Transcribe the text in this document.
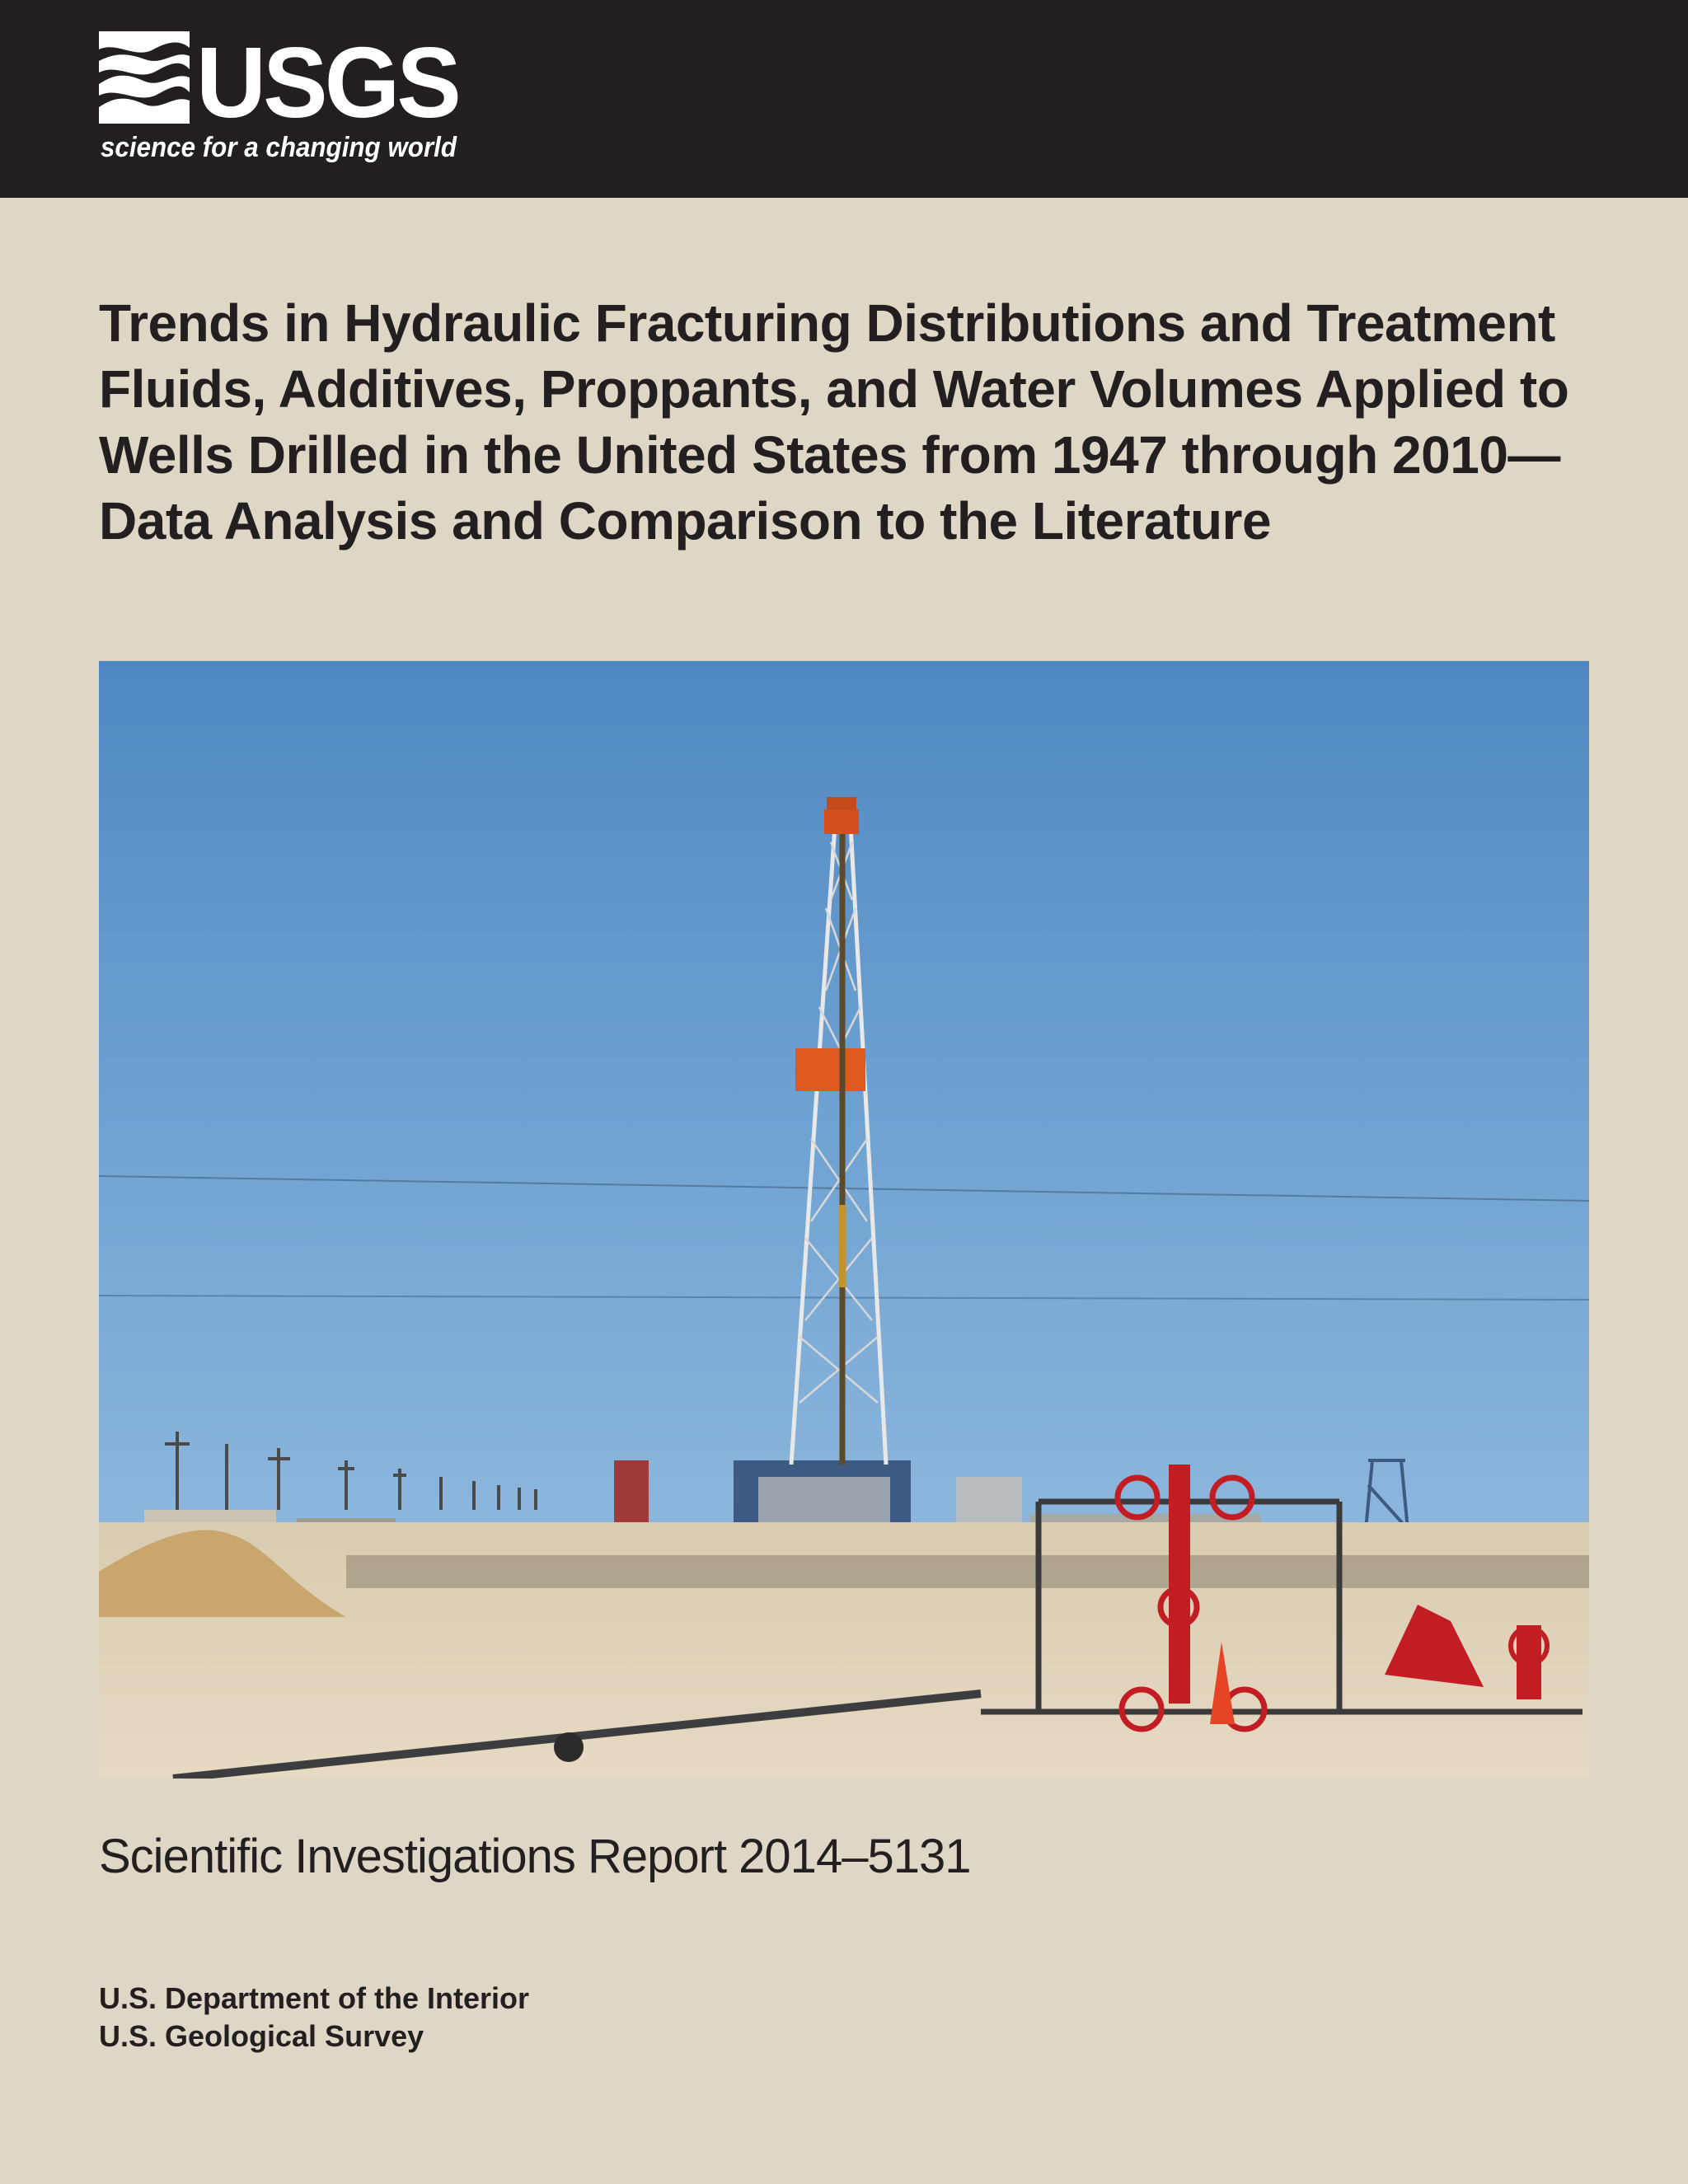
USGS
science for a changing world
Trends in Hydraulic Fracturing Distributions and Treatment Fluids, Additives, Proppants, and Water Volumes Applied to Wells Drilled in the United States from 1947 through 2010—Data Analysis and Comparison to the Literature

Scientific Investigations Report 2014–5131

U.S. Department of the Interior
U.S. Geological Survey
